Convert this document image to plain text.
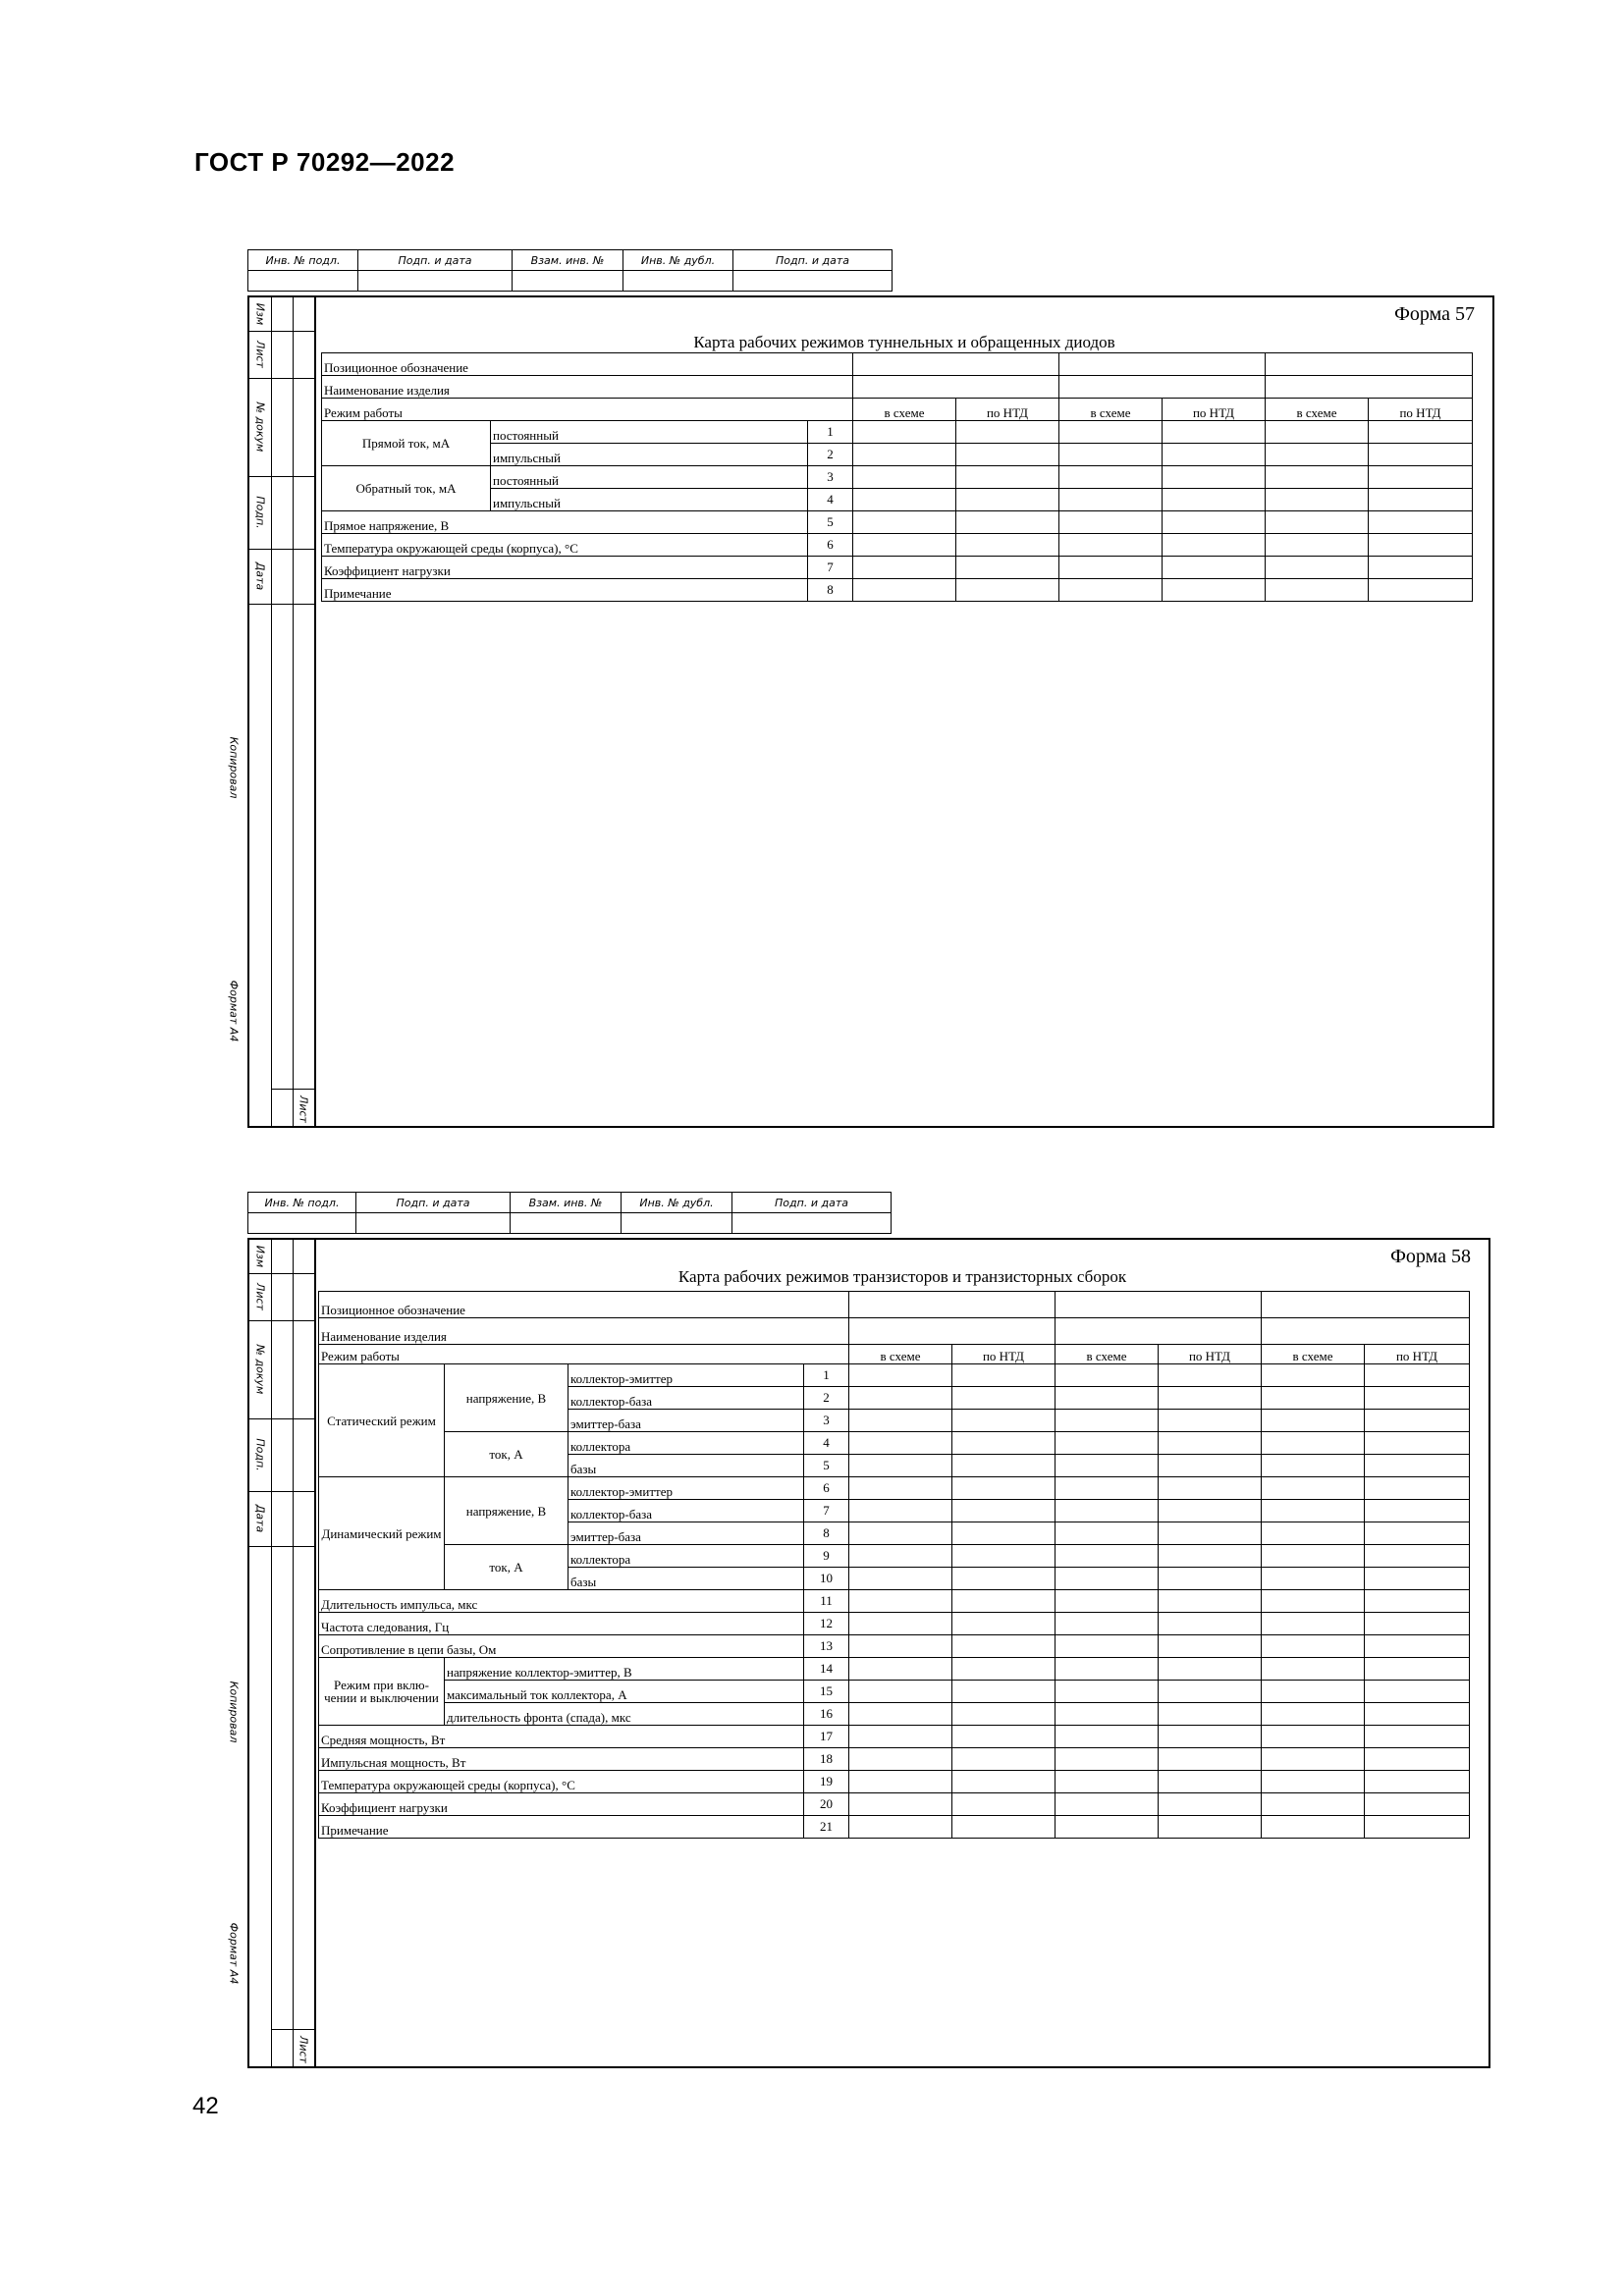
ГОСТ Р 70292—2022
Инв. № подл.	Подп. и дата	Взам. инв. №	Инв. № дубл.	Подп. и дата

Изм
Лист
№ докум
Подп.
Дата
Лист
Копировал
Формат А4
Форма 57
Карта рабочих режимов туннельных и обращенных диодов
Позиционное обозначение								
Наименование изделия								
Режим работы			в схеме	по НТД	в схеме	по НТД	в схеме	по НТД
Прямой ток, мА	постоянный	1						
	импульсный	2						
Обратный ток, мА	постоянный	3						
	импульсный	4						
Прямое напряжение, В		5						
Температура окружающей среды (корпуса), °С		6						
Коэффициент нагрузки		7						
Примечание		8						
Инв. № подл.	Подп. и дата	Взам. инв. №	Инв. № дубл.	Подп. и дата

Изм
Лист
№ докум
Подп.
Дата
Лист
Копировал
Формат А4
Форма 58
Карта рабочих режимов транзисторов и транзисторных сборок
Позиционное обозначение									
Наименование изделия									
Режим работы				в схеме	по НТД	в схеме	по НТД	в схеме	по НТД
Статический режим	напряжение, В	коллектор-эмиттер	1						
		коллектор-база	2						
		эмиттер-база	3						
	ток, А	коллектора	4						
		базы	5						
Динамический режим	напряжение, В	коллектор-эмиттер	6						
		коллектор-база	7						
		эмиттер-база	8						
	ток, А	коллектора	9						
		базы	10						
Длительность импульса, мкс			11						
Частота следования, Гц			12						
Сопротивление в цепи базы, Ом			13						
Режим при вклю-чении и выключении	напряжение коллектор-эмиттер, В		14						
	максимальный ток коллектора, А		15						
	длительность фронта (спада), мкс		16						
Средняя мощность, Вт			17						
Импульсная мощность, Вт			18						
Температура окружающей среды (корпуса), °С			19						
Коэффициент нагрузки			20						
Примечание			21						
42
